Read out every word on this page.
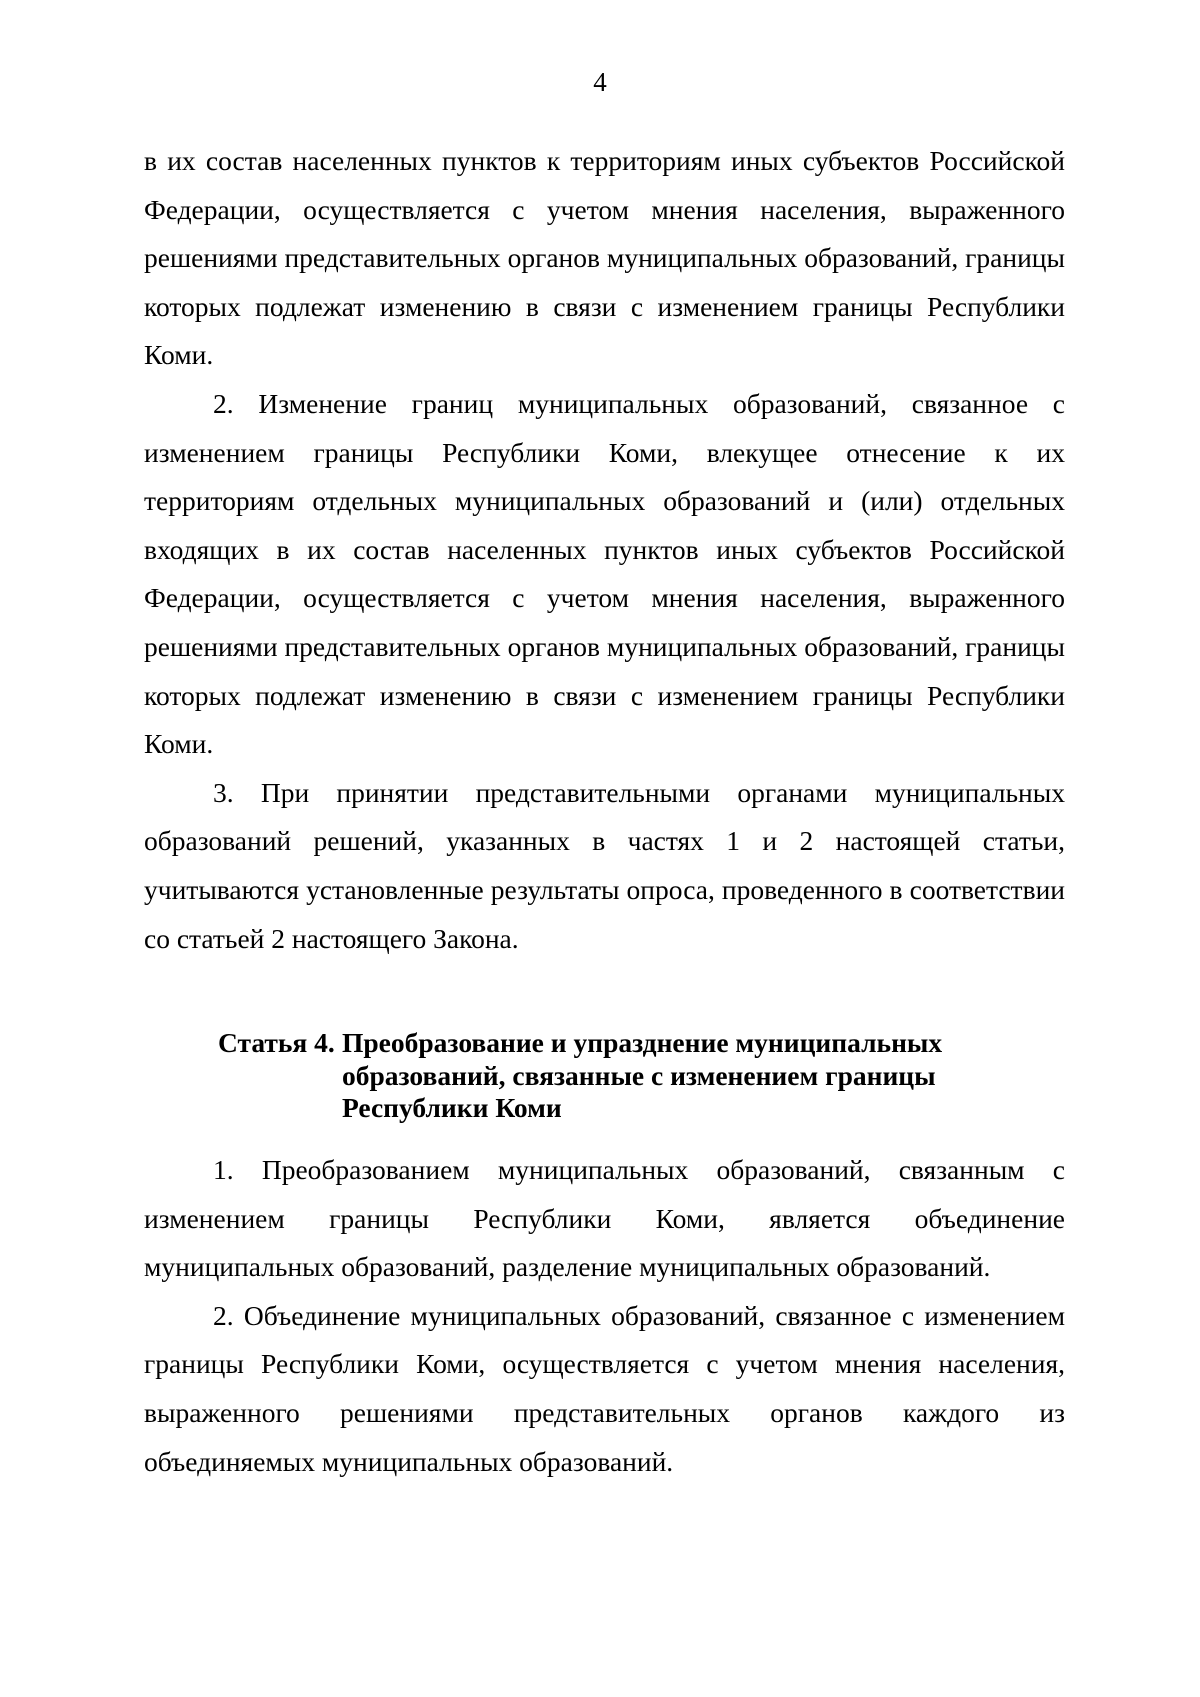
4

в их состав населенных пунктов к территориям иных субъектов Российской Федерации, осуществляется с учетом мнения населения, выраженного решениями представительных органов муниципальных образований, границы которых подлежат изменению в связи с изменением границы Республики Коми.

2. Изменение границ муниципальных образований, связанное с изменением границы Республики Коми, влекущее отнесение к их территориям отдельных муниципальных образований и (или) отдельных входящих в их состав населенных пунктов иных субъектов Российской Федерации, осуществляется с учетом мнения населения, выраженного решениями представительных органов муниципальных образований, границы которых подлежат изменению в связи с изменением границы Республики Коми.

3. При принятии представительными органами муниципальных образований решений, указанных в частях 1 и 2 настоящей статьи, учитываются установленные результаты опроса, проведенного в соответствии со статьей 2 настоящего Закона.

Статья 4. Преобразование и упразднение муниципальных образований, связанные с изменением границы Республики Коми

1. Преобразованием муниципальных образований, связанным с изменением границы Республики Коми, является объединение муниципальных образований, разделение муниципальных образований.

2. Объединение муниципальных образований, связанное с изменением границы Республики Коми, осуществляется с учетом мнения населения, выраженного решениями представительных органов каждого из объединяемых муниципальных образований.
